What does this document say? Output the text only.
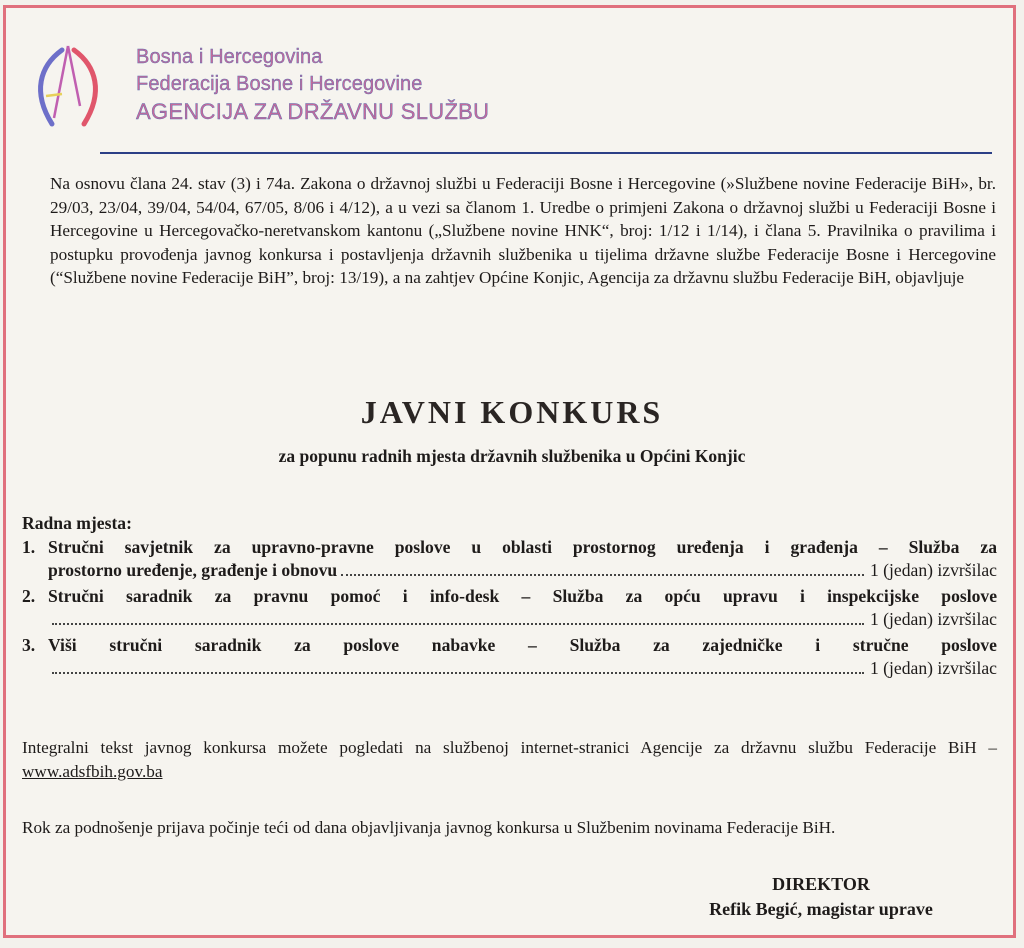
Bosna i Hercegovina
Federacija Bosne i Hercegovine
AGENCIJA ZA DRŽAVNU SLUŽBU
Na osnovu člana 24. stav (3) i 74a. Zakona o državnoj službi u Federaciji Bosne i Hercegovine (»Službene novine Federacije BiH», br. 29/03, 23/04, 39/04, 54/04, 67/05, 8/06 i 4/12), a u vezi sa članom 1. Uredbe o primjeni Zakona o državnoj službi u Federaciji Bosne i Hercegovine u Hercegovačko-neretvanskom kantonu („Službene novine HNK“, broj: 1/12 i 1/14), i člana 5. Pravilnika o pravilima i postupku provođenja javnog konkursa i postavljenja državnih službenika u tijelima državne službe Federacije Bosne i Hercegovine (“Službene novine Federacije BiH”, broj: 13/19), a na zahtjev Općine Konjic, Agencija za državnu službu Federacije BiH, objavljuje
JAVNI KONKURS
za popunu radnih mjesta državnih službenika u Općini Konjic
Radna mjesta:
1. Stručni savjetnik za upravno-pravne poslove u oblasti prostornog uređenja i građenja – Služba za
prostorno uređenje, građenje i obnovu	1 (jedan) izvršilac
2. Stručni saradnik za pravnu pomoć i info-desk – Služba za opću upravu i inspekcijske poslove
1 (jedan) izvršilac
3. Viši stručni saradnik za poslove nabavke – Služba za zajedničke i stručne poslove
1 (jedan) izvršilac
Integralni tekst javnog konkursa možete pogledati na službenoj internet-stranici Agencije za državnu službu Federacije BiH – www.adsfbih.gov.ba
Rok za podnošenje prijava počinje teći od dana objavljivanja javnog konkursa u Službenim novinama Federacije BiH.
DIREKTOR
Refik Begić, magistar uprave
